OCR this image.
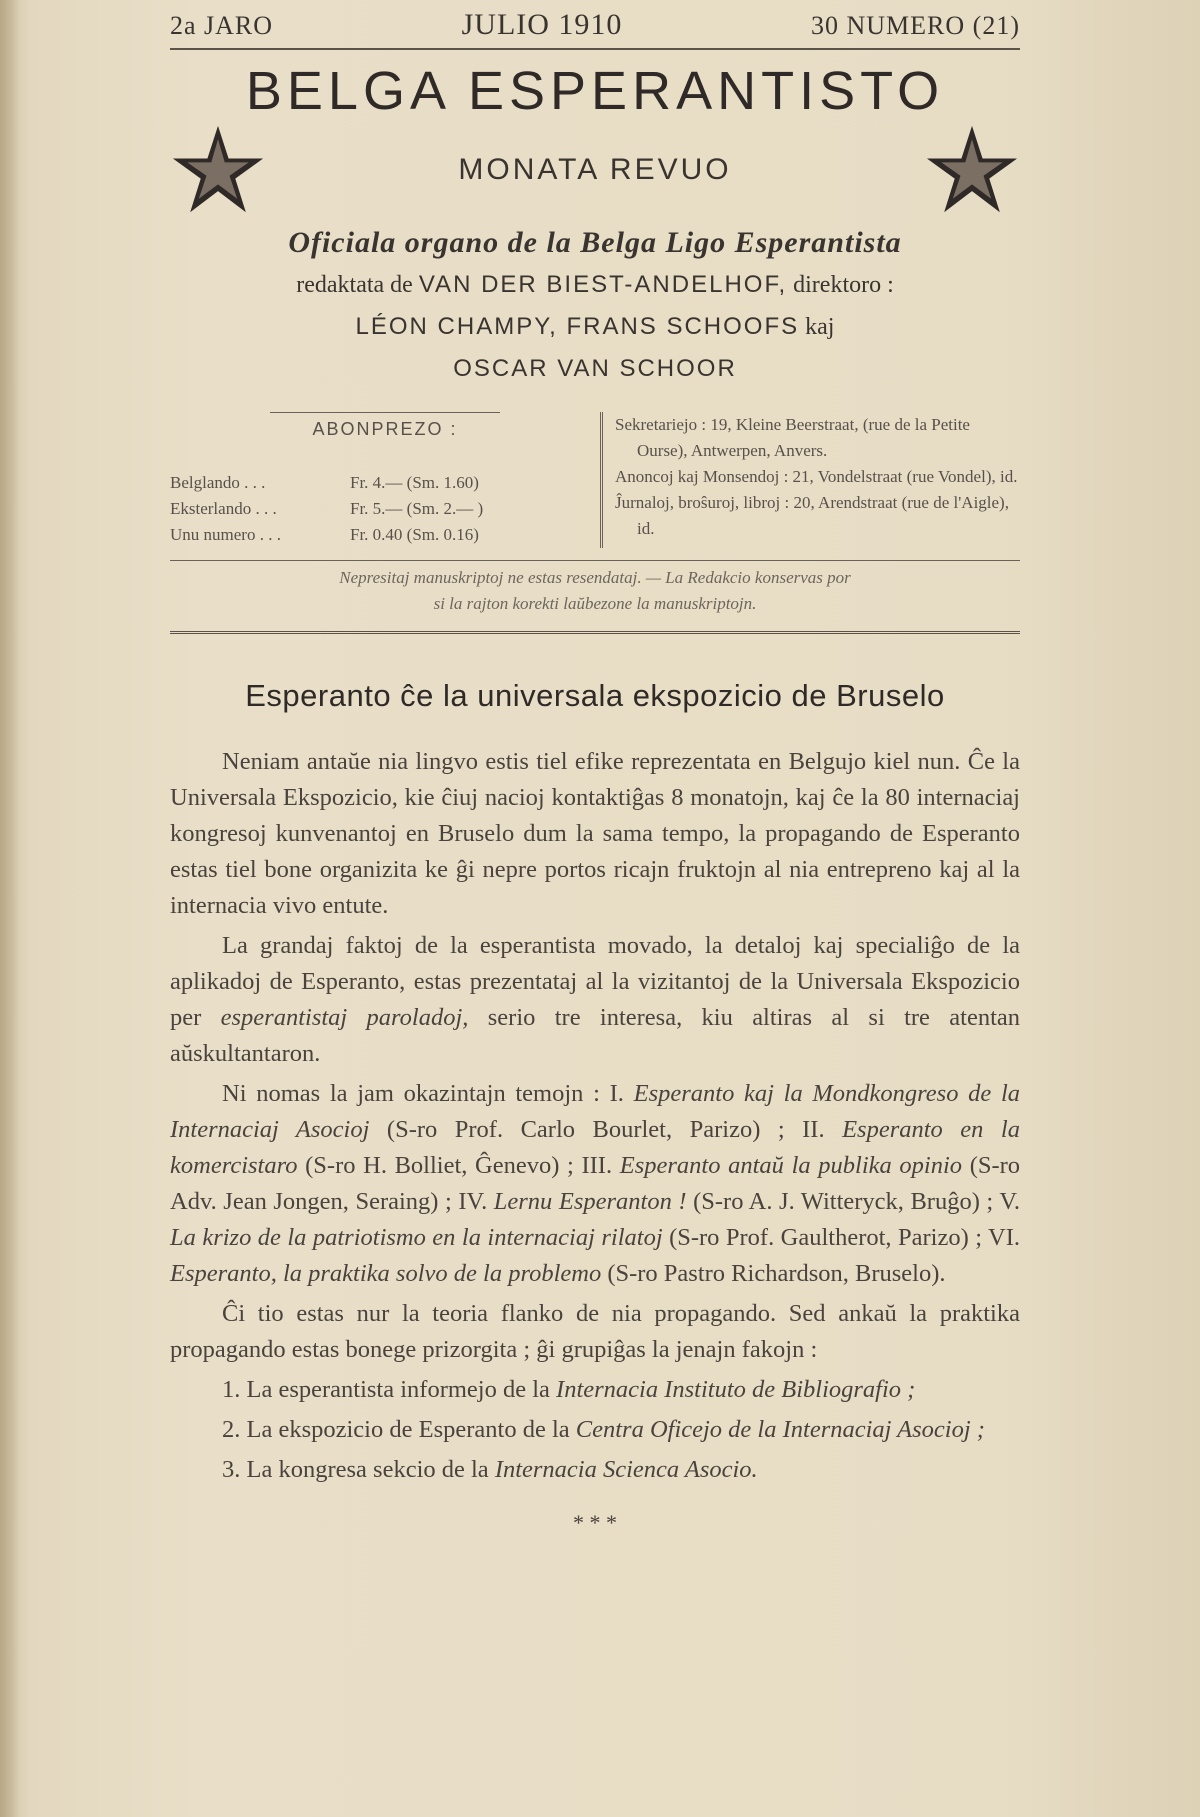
2a JARO	JULIO 1910	30 NUMERO (21)
BELGA ESPERANTISTO
MONATA REVUO
Oficiala organo de la Belga Ligo Esperantista
redaktata de VAN DER BIEST-ANDELHOF, direktoro :
LÉON CHAMPY, FRANS SCHOOFS kaj
OSCAR VAN SCHOOR
ABONPREZO :
Belglando . . .	Fr. 4.— (Sm. 1.60)
Eksterlando . . .	Fr. 5.— (Sm. 2.— )
Unu numero . . .	Fr. 0.40 (Sm. 0.16)

Sekretariejo : 19, Kleine Beerstraat, (rue de la Petite Ourse), Antwerpen, Anvers.

Anoncoj kaj Monsendoj : 21, Vondelstraat (rue Vondel), id.

Ĵurnaloj, broŝuroj, libroj : 20, Arendstraat (rue de l'Aigle), id.

Nepresitaj manuskriptoj ne estas resendataj. — La Redakcio konservas por
si la rajton korekti laŭbezone la manuskriptojn.
Esperanto ĉe la universala ekspozicio de Bruselo

Neniam antaŭe nia lingvo estis tiel efike reprezentata en Belgujo kiel nun. Ĉe la Universala Ekspozicio, kie ĉiuj nacioj kontaktiĝas 8 monatojn, kaj ĉe la 80 internaciaj kongresoj kunvenantoj en Bruselo dum la sama tempo, la propagando de Esperanto estas tiel bone organizita ke ĝi nepre portos ricajn fruktojn al nia entrepreno kaj al la internacia vivo entute.

La grandaj faktoj de la esperantista movado, la detaloj kaj specialiĝo de la aplikadoj de Esperanto, estas prezentataj al la vizitantoj de la Universala Ekspozicio per esperantistaj paroladoj, serio tre interesa, kiu altiras al si tre atentan aŭskultantaron.

Ni nomas la jam okazintajn temojn : I. Esperanto kaj la Mondkongreso de la Internaciaj Asocioj (S-ro Prof. Carlo Bourlet, Parizo) ; II. Esperanto en la komercistaro (S-ro H. Bolliet, Ĝenevo) ; III. Esperanto antaŭ la publika opinio (S-ro Adv. Jean Jongen, Seraing) ; IV. Lernu Esperanton ! (S-ro A. J. Witteryck, Bruĝo) ; V. La krizo de la patriotismo en la internaciaj rilatoj (S-ro Prof. Gaultherot, Parizo) ; VI. Esperanto, la praktika solvo de la problemo (S-ro Pastro Richardson, Bruselo).

Ĉi tio estas nur la teoria flanko de nia propagando. Sed ankaŭ la praktika propagando estas bonege prizorgita ; ĝi grupiĝas la jenajn fakojn :

1. La esperantista informejo de la Internacia Instituto de Bibliografio ;

2. La ekspozicio de Esperanto de la Centra Oficejo de la Internaciaj Asocioj ;

3. La kongresa sekcio de la Internacia Scienca Asocio.

* * *
